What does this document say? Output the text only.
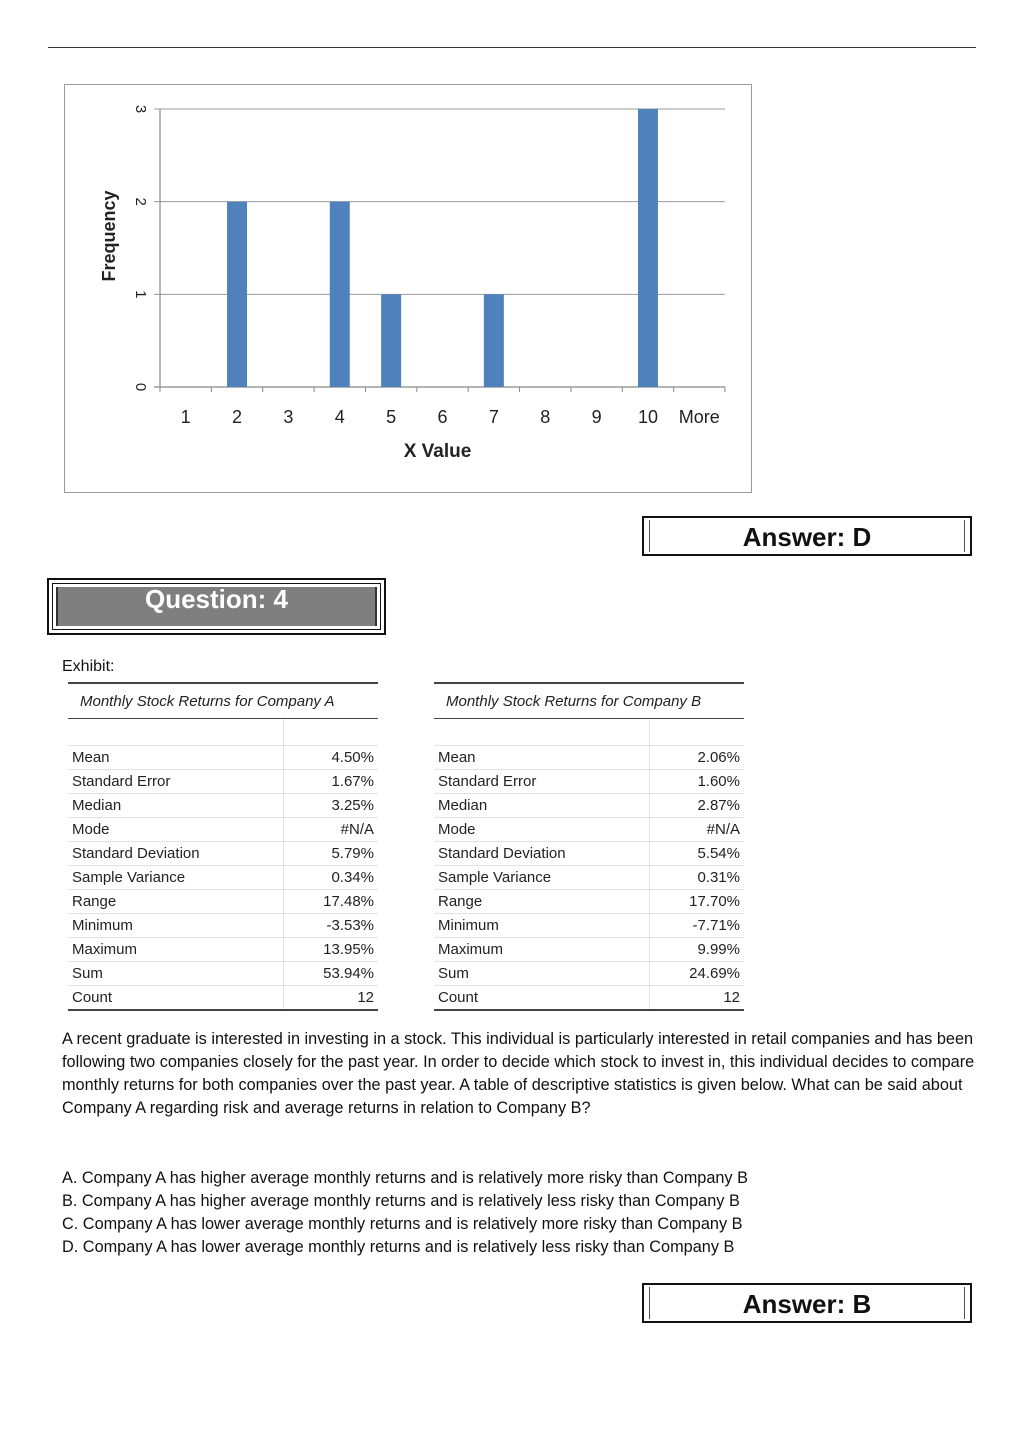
0
1
2
3
1 2 3 4 5 6 7 8 9 10 More
X Value
Frequency
Answer: D
Question: 4
Exhibit:
Monthly Stock Returns for Company A	

Mean	4.50%
Standard Error	1.67%
Median	3.25%
Mode	#N/A
Standard Deviation	5.79%
Sample Variance	0.34%
Range	17.48%
Minimum	-3.53%
Maximum	13.95%
Sum	53.94%
Count	12
Monthly Stock Returns for Company B	

Mean	2.06%
Standard Error	1.60%
Median	2.87%
Mode	#N/A
Standard Deviation	5.54%
Sample Variance	0.31%
Range	17.70%
Minimum	-7.71%
Maximum	9.99%
Sum	24.69%
Count	12
A recent graduate is interested in investing in a stock. This individual is particularly interested in retail companies and has been following two companies closely for the past year. In order to decide which stock to invest in, this individual decides to compare monthly returns for both companies over the past year. A table of descriptive statistics is given below. What can be said about Company A regarding risk and average returns in relation to Company B?
A. Company A has higher average monthly returns and is relatively more risky than Company B
B. Company A has higher average monthly returns and is relatively less risky than Company B
C. Company A has lower average monthly returns and is relatively more risky than Company B
D. Company A has lower average monthly returns and is relatively less risky than Company B
Answer: B
